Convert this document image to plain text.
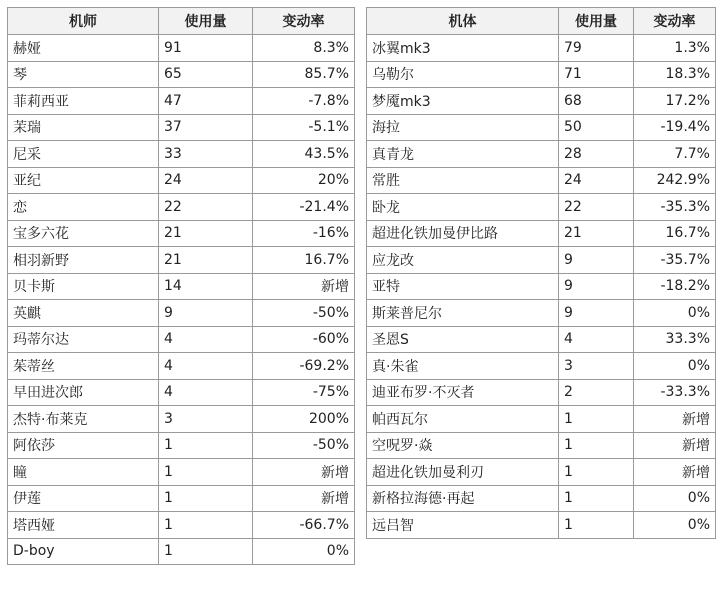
机师	使用量	变动率
赫娅	91	8.3%
琴	65	85.7%
菲莉西亚	47	-7.8%
茉瑞	37	-5.1%
尼采	33	43.5%
亚纪	24	20%
恋	22	-21.4%
宝多六花	21	-16%
相羽新野	21	16.7%
贝卡斯	14	新增
英麒	9	-50%
玛蒂尔达	4	-60%
茱蒂丝	4	-69.2%
早田进次郎	4	-75%
杰特·布莱克	3	200%
阿依莎	1	-50%
瞳	1	新增
伊莲	1	新增
塔西娅	1	-66.7%
D-boy	1	0%
机体	使用量	变动率
冰翼mk3	79	1.3%
乌勒尔	71	18.3%
梦魇mk3	68	17.2%
海拉	50	-19.4%
真青龙	28	7.7%
常胜	24	242.9%
卧龙	22	-35.3%
超进化铁加曼伊比路	21	16.7%
应龙改	9	-35.7%
亚特	9	-18.2%
斯莱普尼尔	9	0%
圣恩S	4	33.3%
真·朱雀	3	0%
迪亚布罗·不灭者	2	-33.3%
帕西瓦尔	1	新增
空呪罗·焱	1	新增
超进化铁加曼利刃	1	新增
新格拉海德·再起	1	0%
远吕智	1	0%
